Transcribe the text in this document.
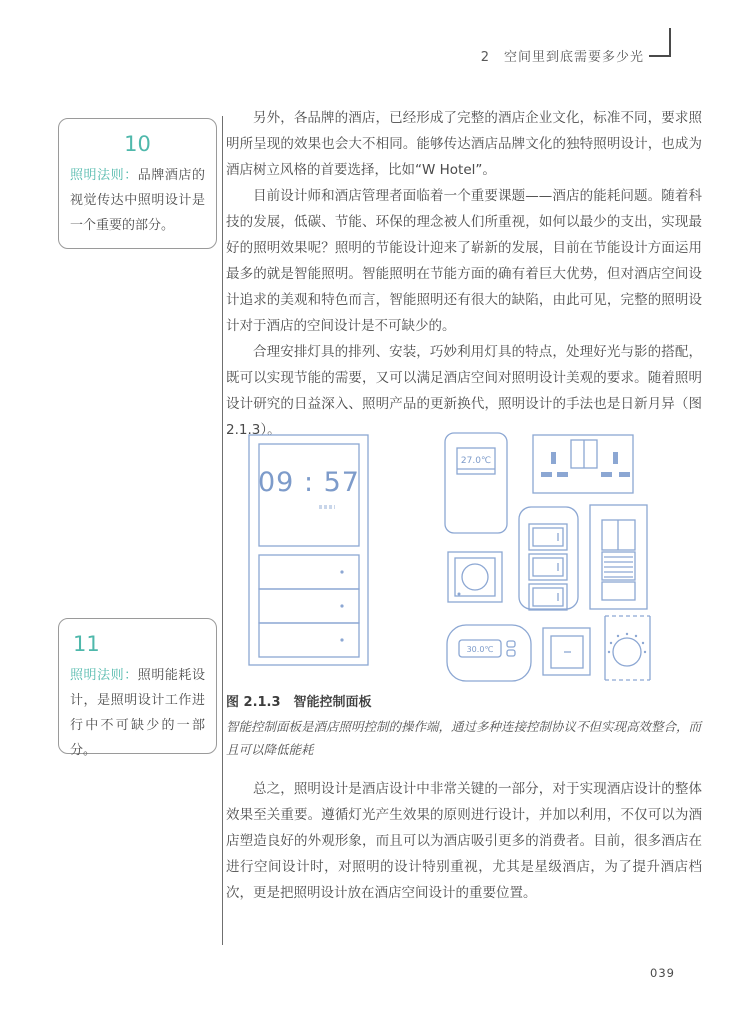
2　空间里到底需要多少光
10
照明法则：品牌酒店的视觉传达中照明设计是一个重要的部分。
11
照明法则：照明能耗设计，是照明设计工作进行中不可缺少的一部分。

另外，各品牌的酒店，已经形成了完整的酒店企业文化，标准不同，要求照明所呈现的效果也会大不相同。能够传达酒店品牌文化的独特照明设计，也成为酒店树立风格的首要选择，比如“W Hotel”。

目前设计师和酒店管理者面临着一个重要课题——酒店的能耗问题。随着科技的发展，低碳、节能、环保的理念被人们所重视，如何以最少的支出，实现最好的照明效果呢？照明的节能设计迎来了崭新的发展，目前在节能设计方面运用最多的就是智能照明。智能照明在节能方面的确有着巨大优势，但对酒店空间设计追求的美观和特色而言，智能照明还有很大的缺陷，由此可见，完整的照明设计对于酒店的空间设计是不可缺少的。

合理安排灯具的排列、安装，巧妙利用灯具的特点，处理好光与影的搭配，既可以实现节能的需要，又可以满足酒店空间对照明设计美观的要求。随着照明设计研究的日益深入、照明产品的更新换代，照明设计的手法也是日新月异（图2.1.3）。

09 : 57
27.0℃
30.0℃

图 2.1.3　智能控制面板

智能控制面板是酒店照明控制的操作端，通过多种连接控制协议不但实现高效整合，而且可以降低能耗

总之，照明设计是酒店设计中非常关键的一部分，对于实现酒店设计的整体效果至关重要。遵循灯光产生效果的原则进行设计，并加以利用，不仅可以为酒店塑造良好的外观形象，而且可以为酒店吸引更多的消费者。目前，很多酒店在进行空间设计时，对照明的设计特别重视，尤其是星级酒店，为了提升酒店档次，更是把照明设计放在酒店空间设计的重要位置。
039
